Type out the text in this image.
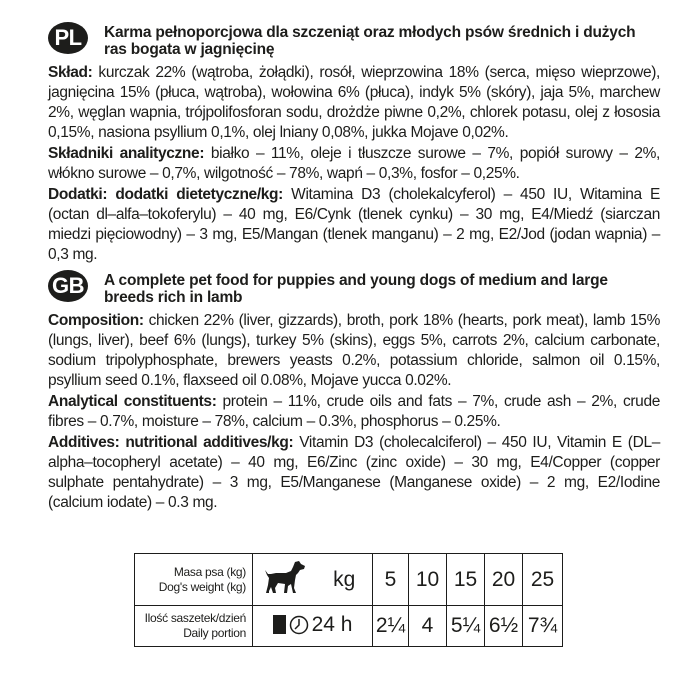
PL	Karma pełnoporcjowa dla szczeniąt oraz młodych psów średnich i dużych ras bogata w jagnięcinę
Skład: kurczak 22% (wątroba, żołądki), rosół, wieprzowina 18% (serca, mięso wieprzowe), jagnięcina 15% (płuca, wątroba), wołowina 6% (płuca), indyk 5% (skóry), jaja 5%, marchew 2%, węglan wapnia, trójpolifosforan sodu, drożdże piwne 0,2%, chlorek potasu, olej z łososia 0,15%, nasiona psyllium 0,1%, olej lniany 0,08%, jukka Mojave 0,02%.
Składniki analityczne: białko – 11%, oleje i tłuszcze surowe – 7%, popiół surowy – 2%, włókno surowe – 0,7%, wilgotność – 78%, wapń – 0,3%, fosfor – 0,25%.
Dodatki: dodatki dietetyczne/kg: Witamina D3 (cholekalcyferol) – 450 IU, Witamina E (octan dl–alfa–tokoferylu) – 40 mg, E6/Cynk (tlenek cynku) – 30 mg, E4/Miedź (siarczan miedzi pięciowodny) – 3 mg, E5/Mangan (tlenek manganu) – 2 mg, E2/Jod (jodan wapnia) – 0,3 mg.
GB A complete pet food for puppies and young dogs of medium and large breeds rich in lamb
Composition: chicken 22% (liver, gizzards), broth, pork 18% (hearts, pork meat), lamb 15% (lungs, liver), beef 6% (lungs), turkey 5% (skins), eggs 5%, carrots 2%, calcium carbonate, sodium tripolyphosphate, brewers yeasts 0.2%, potassium chloride, salmon oil 0.15%, psyllium seed 0.1%, flaxseed oil 0.08%, Mojave yucca 0.02%.
Analytical constituents: protein – 11%, crude oils and fats – 7%, crude ash – 2%, crude fibres – 0.7%, moisture – 78%, calcium – 0.3%, phosphorus – 0.25%.
Additives: nutritional additives/kg: Vitamin D3 (cholecalciferol) – 450 IU, Vitamin E (DL–alpha–tocopheryl acetate) – 40 mg, E6/Zinc (zinc oxide) – 30 mg, E4/Copper (copper sulphate pentahydrate) – 3 mg, E5/Manganese (Manganese oxide) – 2 mg, E2/Iodine (calcium iodate) – 0.3 mg.
Masa psa (kg)
Dog's weight (kg)		kg	5	10	15	20	25

Ilość saszetek/dzień
Daily portion	24 h		2¼	4	5¼	6½	7¾
